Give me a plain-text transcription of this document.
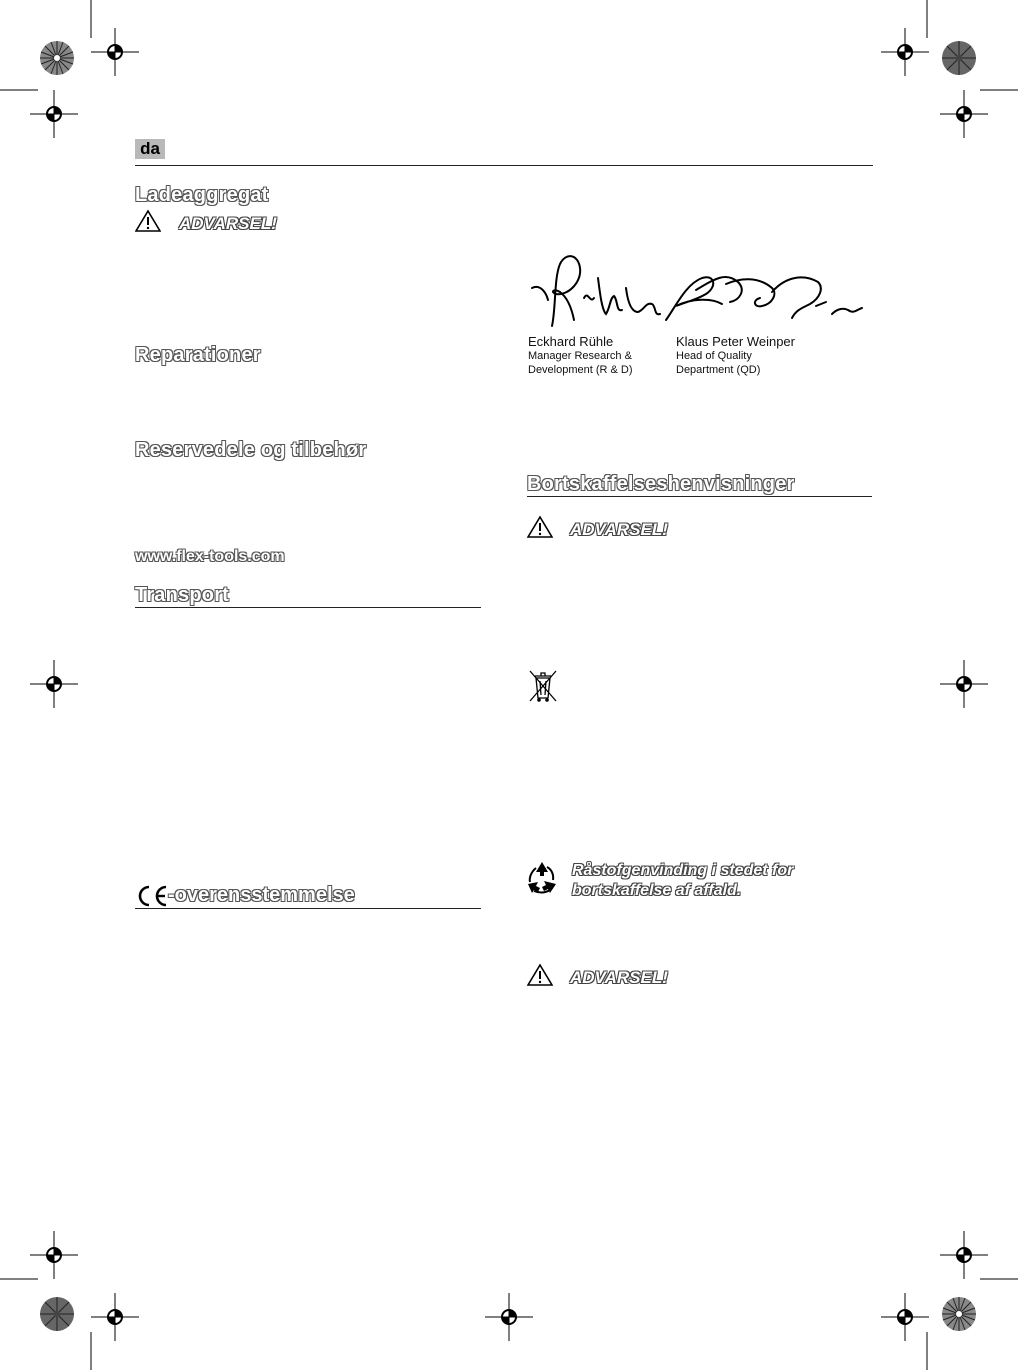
da
Ladeaggregat
ADVARSEL!
Reparationer
Reservedele og tilbehør
www.flex-tools.com
Transport
-overensstemmelse
Eckhard Rühle
Manager Research &
Development (R & D)
Klaus Peter Weinper
Head of Quality
Department (QD)
Bortskaffelseshenvisninger
ADVARSEL!
Råstofgenvinding i stedet for
bortskaffelse af affald.
ADVARSEL!
